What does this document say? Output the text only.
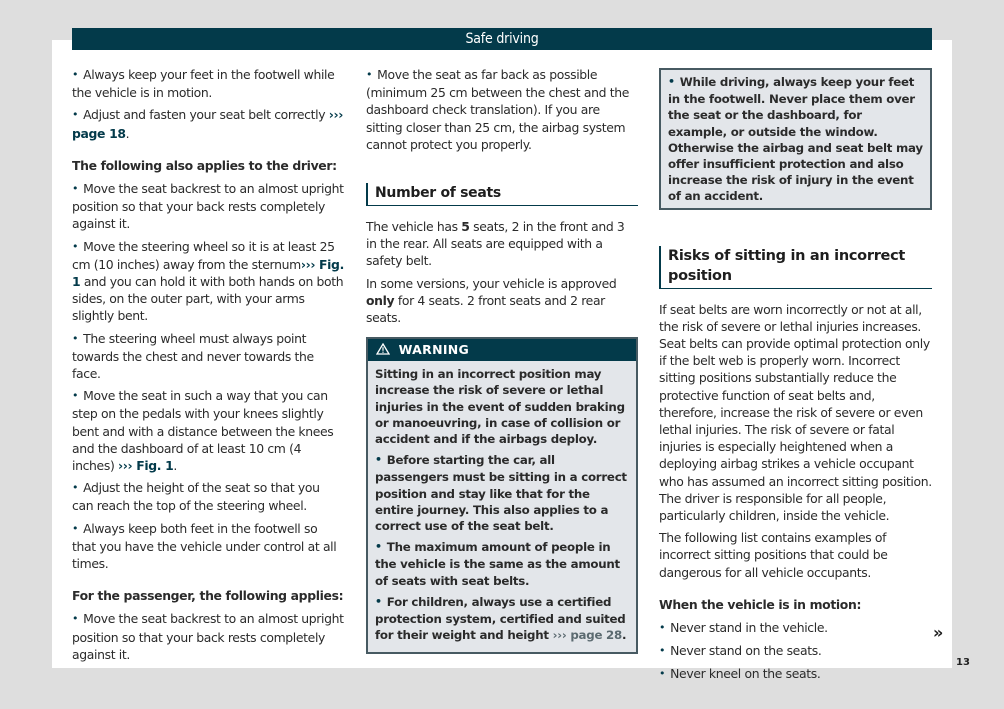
Safe driving

• Always keep your feet in the footwell while the vehicle is in motion.

• Adjust and fasten your seat belt correctly ››› page 18.

The following also applies to the driver:

• Move the seat backrest to an almost upright position so that your back rests completely against it.

• Move the steering wheel so it is at least 25 cm (10 inches) away from the sternum››› Fig. 1 and you can hold it with both hands on both sides, on the outer part, with your arms slightly bent.

• The steering wheel must always point towards the chest and never towards the face.

• Move the seat in such a way that you can step on the pedals with your knees slightly bent and with a distance between the knees and the dashboard of at least 10 cm (4 inches) ››› Fig. 1.

• Adjust the height of the seat so that you can reach the top of the steering wheel.

• Always keep both feet in the footwell so that you have the vehicle under control at all times.

For the passenger, the following applies:

• Move the seat backrest to an almost upright position so that your back rests completely against it.

• Move the seat as far back as possible (minimum 25 cm between the chest and the dashboard check translation). If you are sitting closer than 25 cm, the airbag system cannot protect you properly.

Number of seats

The vehicle has 5 seats, 2 in the front and 3 in the rear. All seats are equipped with a safety belt.

In some versions, your vehicle is approved only for 4 seats. 2 front seats and 2 rear seats.

WARNING

Sitting in an incorrect position may increase the risk of severe or lethal injuries in the event of sudden braking or manoeuvring, in case of collision or accident and if the airbags deploy.

• Before starting the car, all passengers must be sitting in a correct position and stay like that for the entire journey. This also applies to a correct use of the seat belt.

• The maximum amount of people in the vehicle is the same as the amount of seats with seat belts.

• For children, always use a certified protection system, certified and suited for their weight and height ››› page 28.

• While driving, always keep your feet in the footwell. Never place them over the seat or the dashboard, for example, or outside the window. Otherwise the airbag and seat belt may offer insufficient protection and also increase the risk of injury in the event of an accident.
Risks of sitting in an incorrect position

If seat belts are worn incorrectly or not at all, the risk of severe or lethal injuries increases. Seat belts can provide optimal protection only if the belt web is properly worn. Incorrect sitting positions substantially reduce the protective function of seat belts and, therefore, increase the risk of severe or even lethal injuries. The risk of severe or fatal injuries is especially heightened when a deploying airbag strikes a vehicle occupant who has assumed an incorrect sitting position. The driver is responsible for all people, particularly children, inside the vehicle.

The following list contains examples of incorrect sitting positions that could be dangerous for all vehicle occupants.

When the vehicle is in motion:

• Never stand in the vehicle.

• Never stand on the seats.

• Never kneel on the seats.

»
13
